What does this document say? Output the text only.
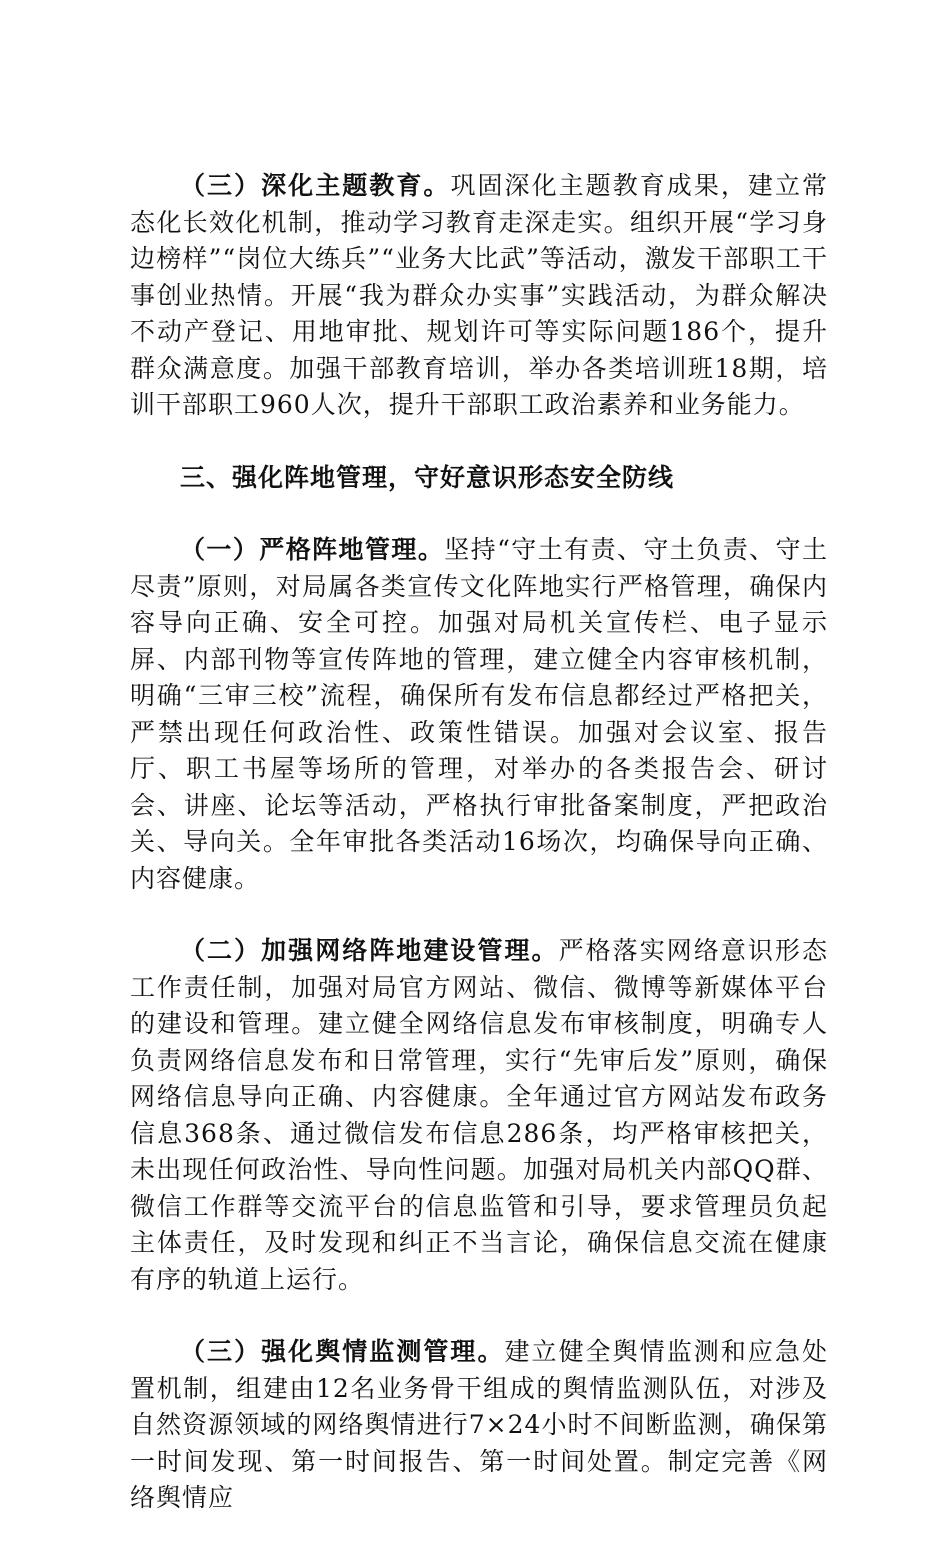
（三）深化主题教育。巩固深化主题教育成果，建立常态化长效化机制，推动学习教育走深走实。组织开展“学习身边榜样”“岗位大练兵”“业务大比武”等活动，激发干部职工干事创业热情。开展“我为群众办实事”实践活动，为群众解决不动产登记、用地审批、规划许可等实际问题186个，提升群众满意度。加强干部教育培训，举办各类培训班18期，培训干部职工960人次，提升干部职工政治素养和业务能力。

三、强化阵地管理，守好意识形态安全防线

（一）严格阵地管理。坚持“守土有责、守土负责、守土尽责”原则，对局属各类宣传文化阵地实行严格管理，确保内容导向正确、安全可控。加强对局机关宣传栏、电子显示屏、内部刊物等宣传阵地的管理，建立健全内容审核机制，明确“三审三校”流程，确保所有发布信息都经过严格把关，严禁出现任何政治性、政策性错误。加强对会议室、报告厅、职工书屋等场所的管理，对举办的各类报告会、研讨会、讲座、论坛等活动，严格执行审批备案制度，严把政治关、导向关。全年审批各类活动16场次，均确保导向正确、内容健康。

（二）加强网络阵地建设管理。严格落实网络意识形态工作责任制，加强对局官方网站、微信、微博等新媒体平台的建设和管理。建立健全网络信息发布审核制度，明确专人负责网络信息发布和日常管理，实行“先审后发”原则，确保网络信息导向正确、内容健康。全年通过官方网站发布政务信息368条、通过微信发布信息286条，均严格审核把关，未出现任何政治性、导向性问题。加强对局机关内部QQ群、微信工作群等交流平台的信息监管和引导，要求管理员负起主体责任，及时发现和纠正不当言论，确保信息交流在健康有序的轨道上运行。

（三）强化舆情监测管理。建立健全舆情监测和应急处置机制，组建由12名业务骨干组成的舆情监测队伍，对涉及自然资源领域的网络舆情进行7×24小时不间断监测，确保第一时间发现、第一时间报告、第一时间处置。制定完善《网络舆情应
